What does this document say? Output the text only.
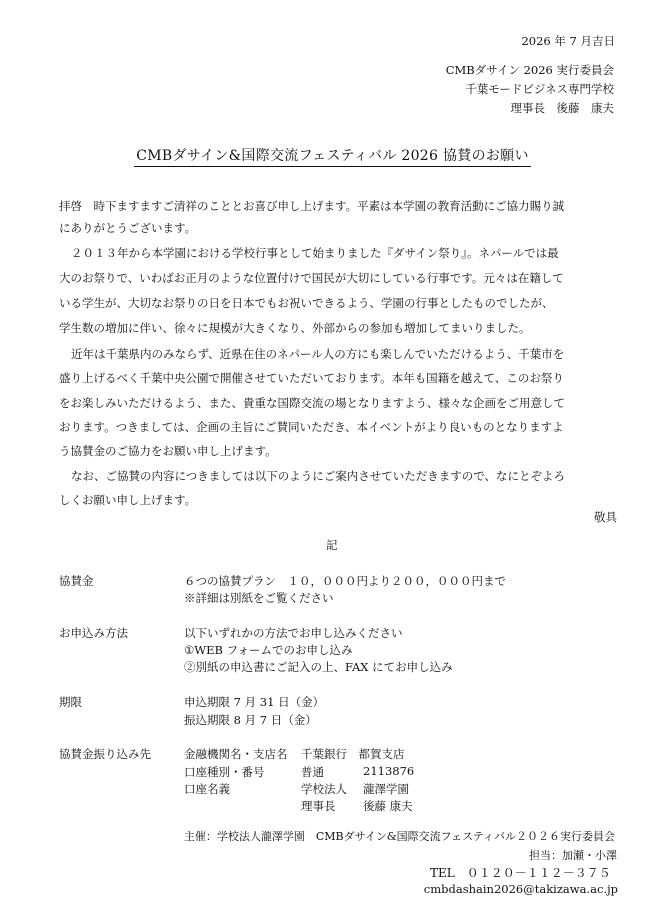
2026 年 7 月吉日
CMBダサイン 2026 実行委員会
千葉モードビジネス専門学校
理事長　後藤　康夫
CMBダサイン&国際交流フェスティバル 2026 協賛のお願い
拝啓　時下ますますご清祥のこととお喜び申し上げます。平素は本学園の教育活動にご協力賜り誠
にありがとうございます。
２０１３年から本学園における学校行事として始まりました『ダサイン祭り』。ネパールでは最
大のお祭りで、いわばお正月のような位置付けで国民が大切にしている行事です。元々は在籍して
いる学生が、大切なお祭りの日を日本でもお祝いできるよう、学園の行事としたものでしたが、
学生数の増加に伴い、徐々に規模が大きくなり、外部からの参加も増加してまいりました。
近年は千葉県内のみならず、近県在住のネパール人の方にも楽しんでいただけるよう、千葉市を
盛り上げるべく千葉中央公園で開催させていただいております。本年も国籍を越えて、このお祭り
をお楽しみいただけるよう、また、貴重な国際交流の場となりますよう、様々な企画をご用意して
おります。つきましては、企画の主旨にご賛同いただき、本イベントがより良いものとなりますよ
う協賛金のご協力をお願い申し上げます。
なお、ご協賛の内容につきましては以下のようにご案内させていただきますので、なにとぞよろ
しくお願い申し上げます。
敬具
記
協賛金	６つの協賛プラン　１０，０００円より２００，０００円まで
※詳細は別紙をご覧ください
お申込み方法	以下いずれかの方法でお申し込みください
①WEB フォームでのお申し込み
②別紙の申込書にご記入の上、FAX にてお申し込み
期限	申込期限 7 月 31 日（金）
振込期限 8 月 7 日（金）
協賛金振り込み先	金融機関名・支店名 千葉銀行　都賀支店
口座種別・番号	普通	2113876
口座名義	学校法人 瀧澤学園
理事長 後藤 康夫
主催：学校法人瀧澤学園　CMBダサイン&国際交流フェスティバル２０２６実行委員会
担当：加瀬・小澤
TEL　０１２０－１１２－３７５
cmbdashain2026@takizawa.ac.jp
